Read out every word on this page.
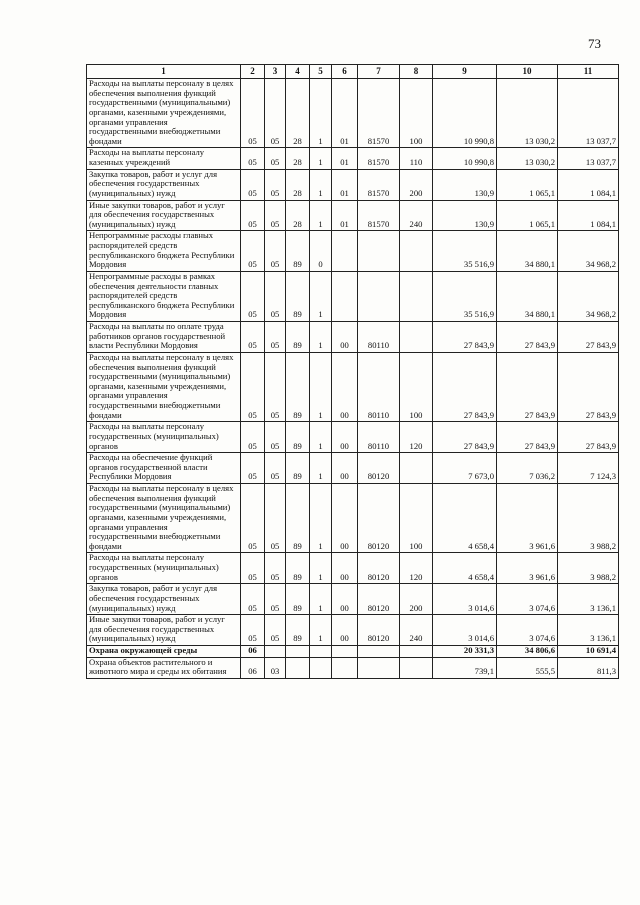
73
1	2	3	4	5	6	7	8	9	10	11
Расходы на выплаты персоналу в целях обеспечения выполнения функций государственными (муниципальными) органами, казенными учреждениями, органами управления государственными внебюджетными фондами	05	05	28	1	01	81570	100	10 990,8	13 030,2	13 037,7
Расходы на выплаты персоналу казенных учреждений	05	05	28	1	01	81570	110	10 990,8	13 030,2	13 037,7
Закупка товаров, работ и услуг для обеспечения государственных (муниципальных) нужд	05	05	28	1	01	81570	200	130,9	1 065,1	1 084,1
Иные закупки товаров, работ и услуг для обеспечения государственных (муниципальных) нужд	05	05	28	1	01	81570	240	130,9	1 065,1	1 084,1
Непрограммные расходы главных распорядителей средств республиканского бюджета Республики Мордовия	05	05	89	0				35 516,9	34 880,1	34 968,2
Непрограммные расходы в рамках обеспечения деятельности главных распорядителей средств республиканского бюджета Республики Мордовия	05	05	89	1				35 516,9	34 880,1	34 968,2
Расходы на выплаты по оплате труда работников органов государственной власти Республики Мордовия	05	05	89	1	00	80110		27 843,9	27 843,9	27 843,9
Расходы на выплаты персоналу в целях обеспечения выполнения функций государственными (муниципальными) органами, казенными учреждениями, органами управления государственными внебюджетными фондами	05	05	89	1	00	80110	100	27 843,9	27 843,9	27 843,9
Расходы на выплаты персоналу государственных (муниципальных) органов	05	05	89	1	00	80110	120	27 843,9	27 843,9	27 843,9
Расходы на обеспечение функций органов государственной власти Республики Мордовия	05	05	89	1	00	80120		7 673,0	7 036,2	7 124,3
Расходы на выплаты персоналу в целях обеспечения выполнения функций государственными (муниципальными) органами, казенными учреждениями, органами управления государственными внебюджетными фондами	05	05	89	1	00	80120	100	4 658,4	3 961,6	3 988,2
Расходы на выплаты персоналу государственных (муниципальных) органов	05	05	89	1	00	80120	120	4 658,4	3 961,6	3 988,2
Закупка товаров, работ и услуг для обеспечения государственных (муниципальных) нужд	05	05	89	1	00	80120	200	3 014,6	3 074,6	3 136,1
Иные закупки товаров, работ и услуг для обеспечения государственных (муниципальных) нужд	05	05	89	1	00	80120	240	3 014,6	3 074,6	3 136,1
Охрана окружающей среды	06							20 331,3	34 806,6	10 691,4
Охрана объектов растительного и животного мира и среды их обитания	06	03						739,1	555,5	811,3
